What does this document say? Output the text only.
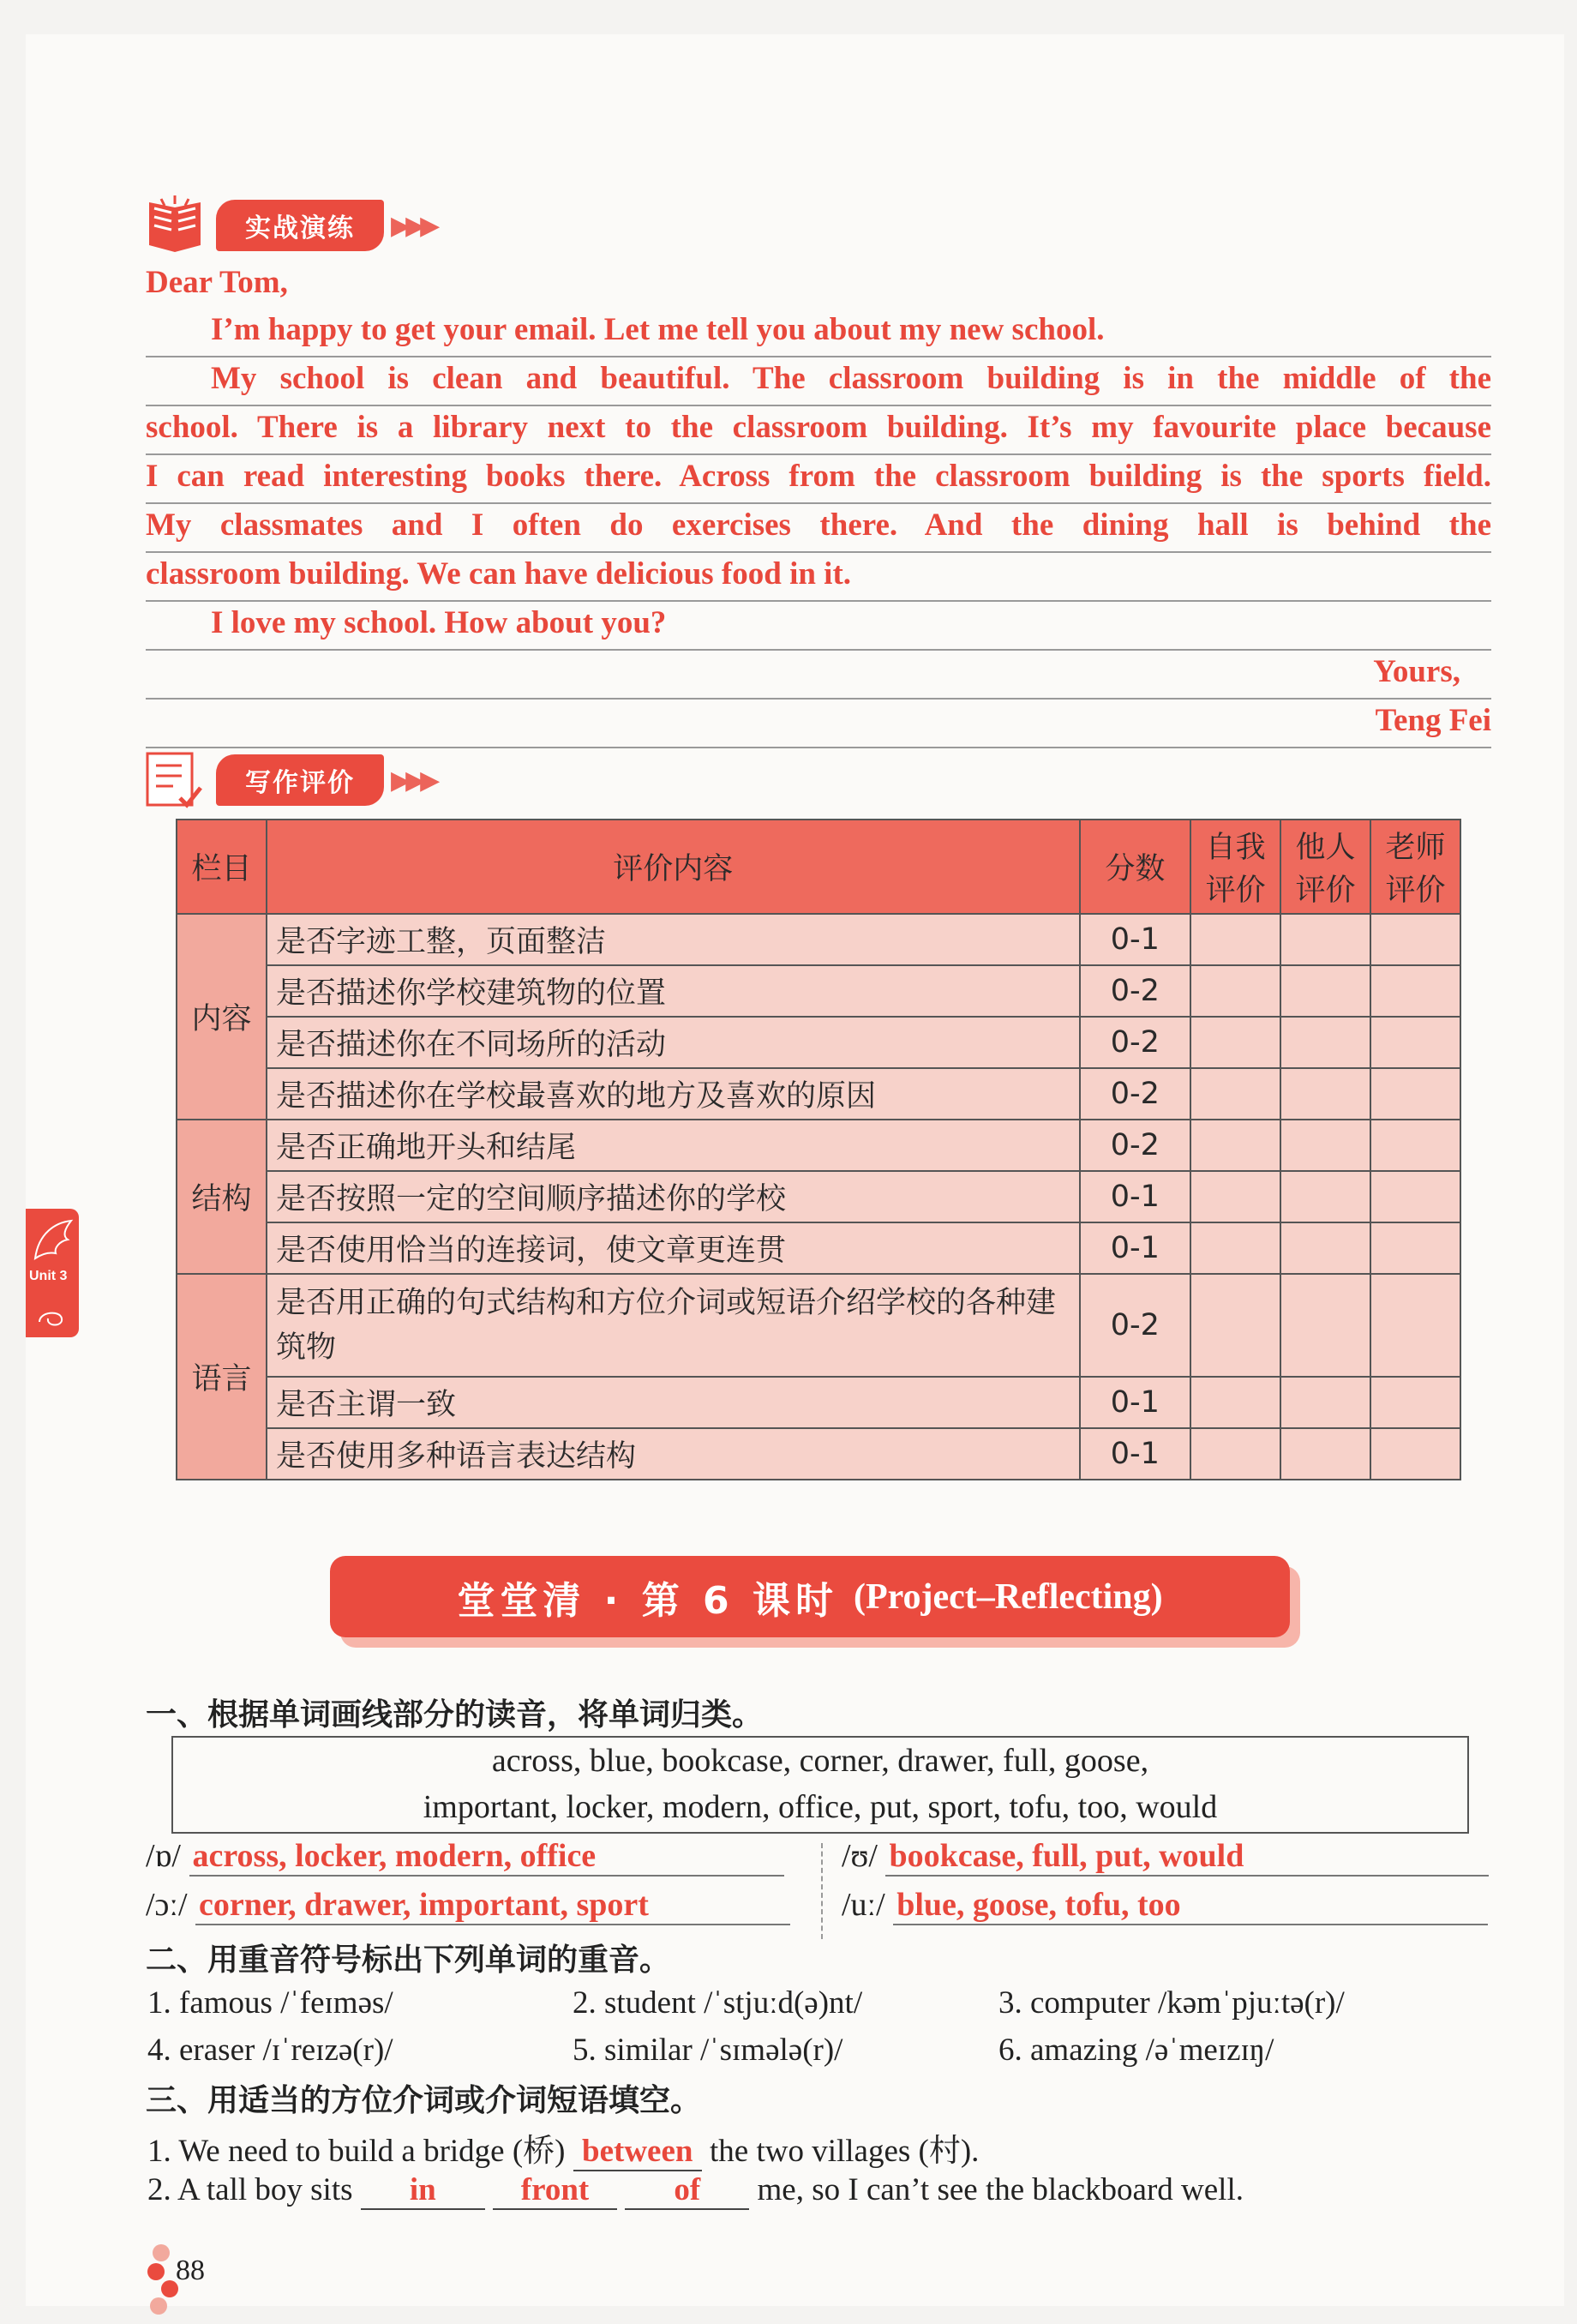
Unit 3
实战演练	▶▶▶
Dear Tom,
I’m happy to get your email. Let me tell you about my new school.
My school is clean and beautiful. The classroom building is in the middle of the
school. There is a library next to the classroom building. It’s my favourite place because
I can read interesting books there. Across from the classroom building is the sports field.
My classmates and I often do exercises there. And the dining hall is behind the
classroom building. We can have delicious food in it.
I love my school. How about you?
Yours,
Teng Fei
写作评价	▶▶▶
栏目	评价内容	分数	自我评价	他人评价	老师评价
内容	是否字迹工整，页面整洁	0-1			
	是否描述你学校建筑物的位置	0-2			
	是否描述你在不同场所的活动	0-2			
	是否描述你在学校最喜欢的地方及喜欢的原因	0-2			
结构	是否正确地开头和结尾	0-2			
	是否按照一定的空间顺序描述你的学校	0-1			
	是否使用恰当的连接词，使文章更连贯	0-1			
语言	是否用正确的句式结构和方位介词或短语介绍学校的各种建筑物	0-2			
	是否主谓一致	0-1			
	是否使用多种语言表达结构	0-1			
堂堂清 · 第 6 课时 (Project–Reflecting)
一、根据单词画线部分的读音，将单词归类。
across, blue, bookcase, corner, drawer, full, goose,
important, locker, modern, office, put, sport, tofu, too, would
/ɒ/ across, locker, modern, office	/ʊ/ bookcase, full, put, would
/ɔː/ corner, drawer, important, sport	/uː/ blue, goose, tofu, too
二、用重音符号标出下列单词的重音。
1. famous /ˈfeɪməs/	2. student /ˈstjuːd(ə)nt/	3. computer /kəmˈpjuːtə(r)/
4. eraser /ɪˈreɪzə(r)/	5. similar /ˈsɪmələ(r)/	6. amazing /əˈmeɪzɪŋ/
三、用适当的方位介词或介词短语填空。
1. We need to build a bridge (桥) between the two villages (村).
2. A tall boy sits in	front	of me, so I can’t see the blackboard well.
88
